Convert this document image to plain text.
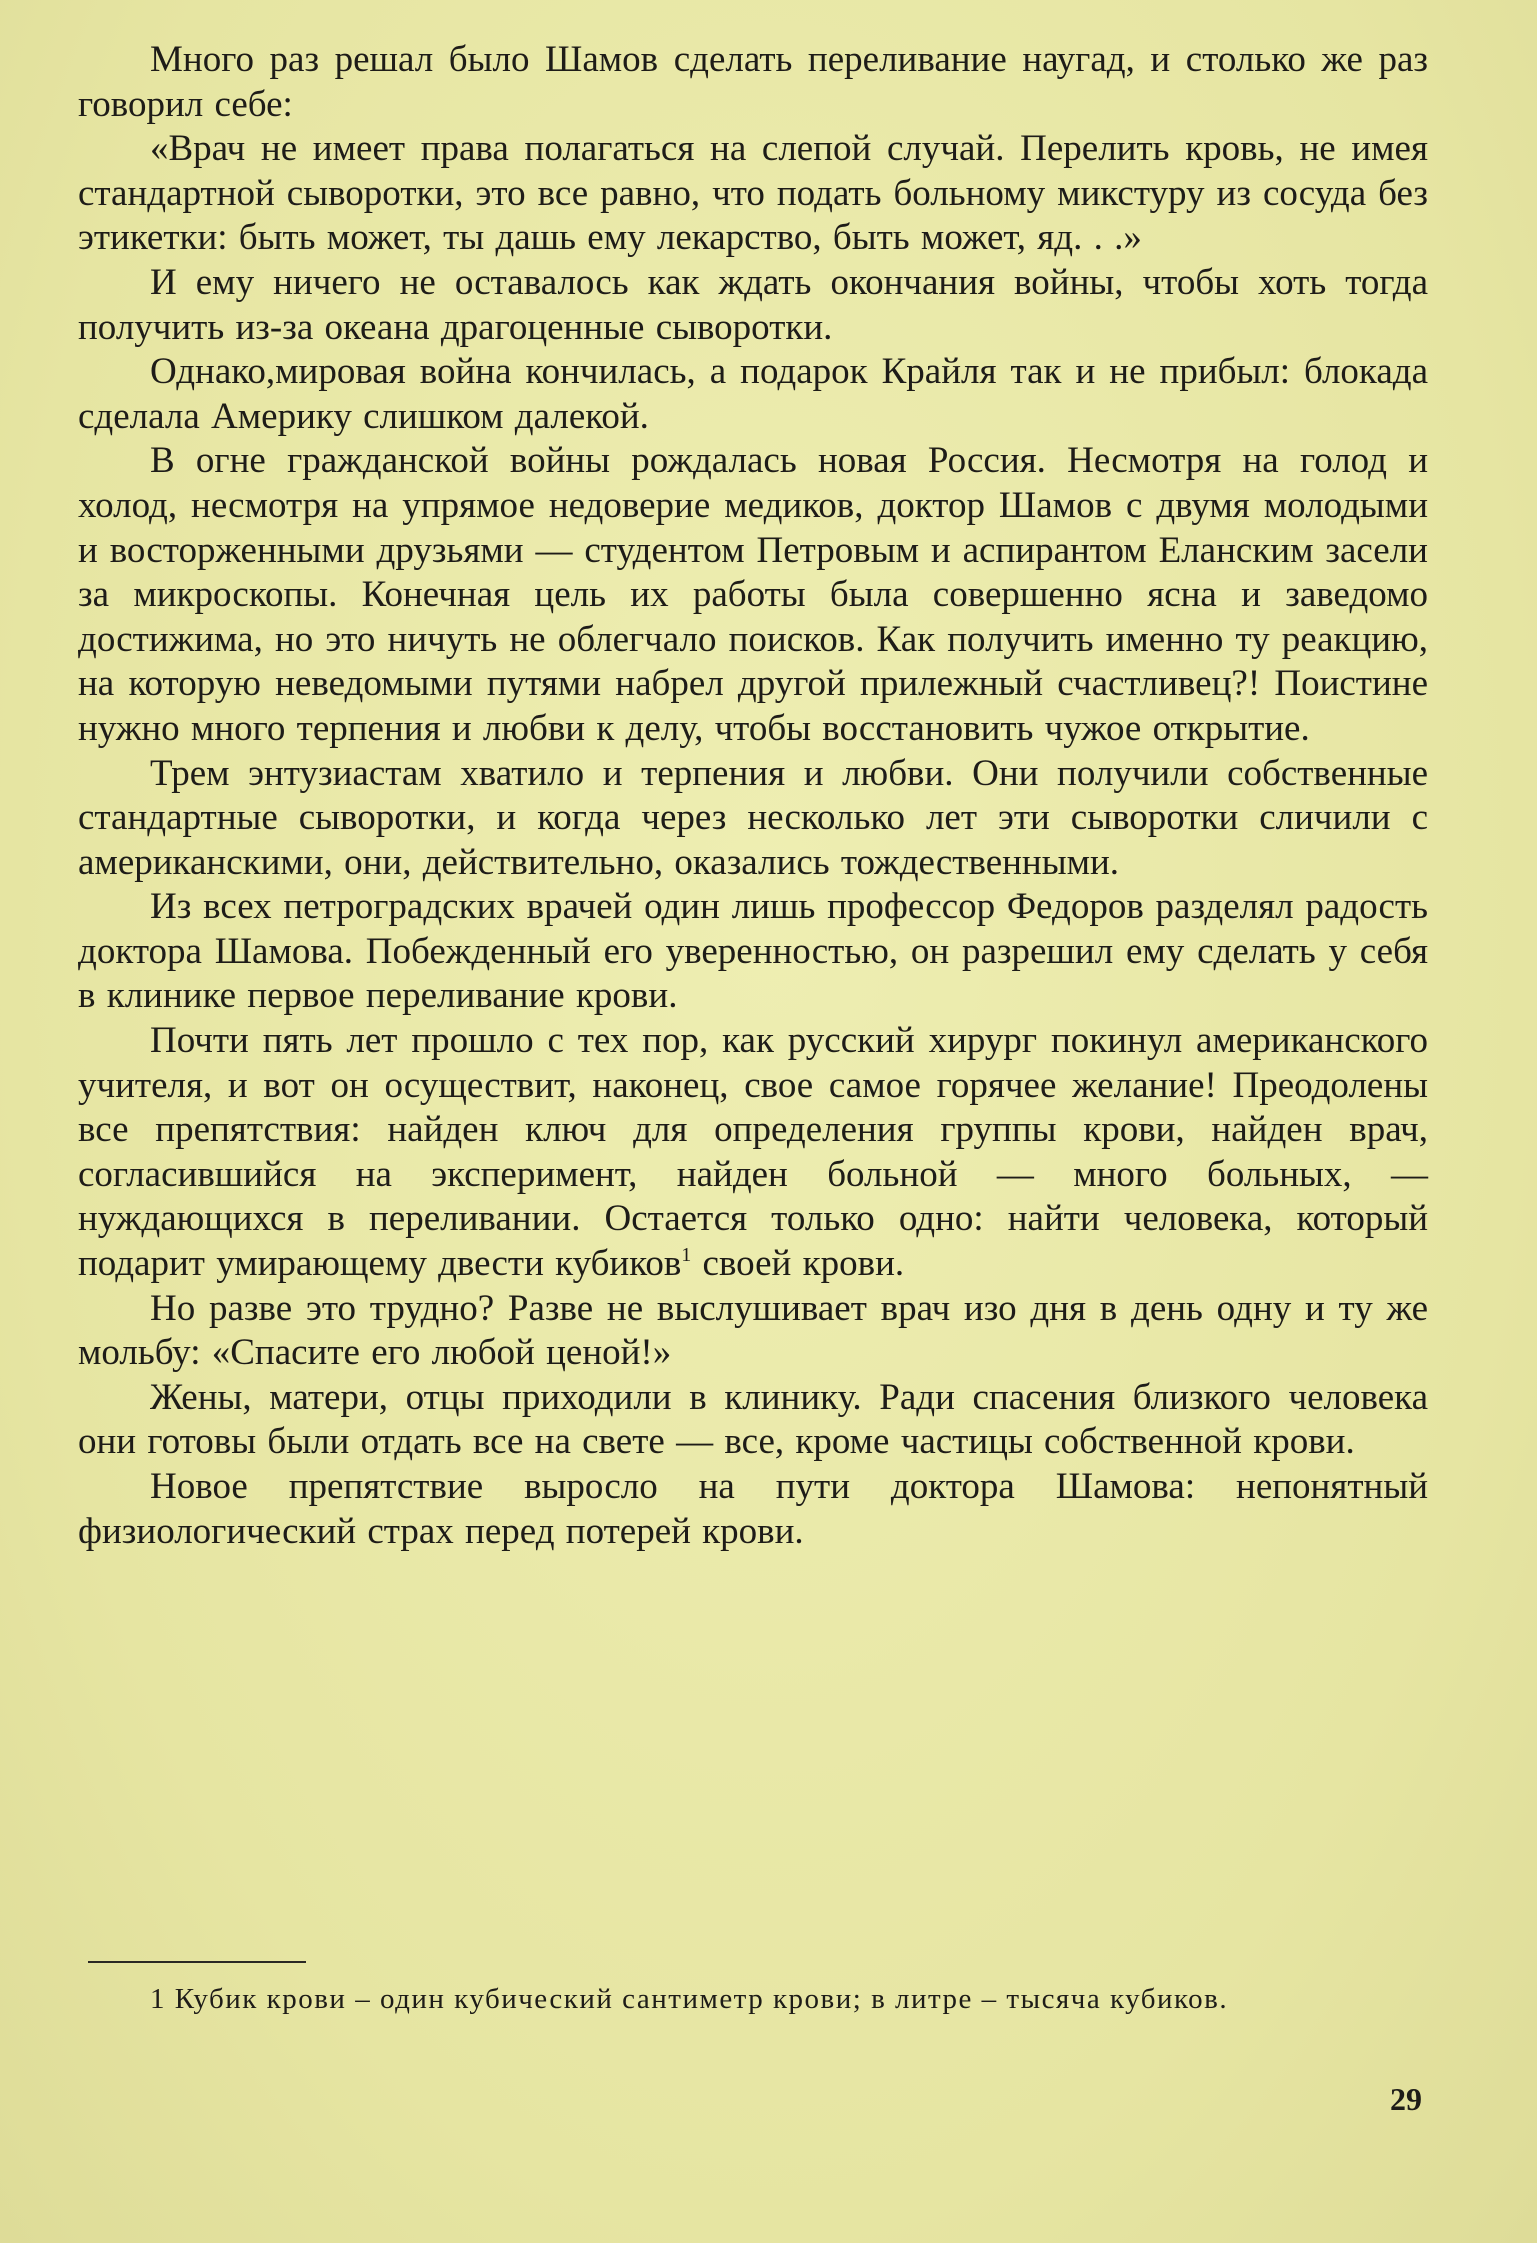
Много раз решал было Шамов сделать переливание наугад, и столько же раз говорил себе:

«Врач не имеет права полагаться на слепой случай. Перелить кровь, не имея стандартной сыворотки, это все равно, что подать больному микстуру из сосуда без этикетки: быть может, ты дашь ему лекарство, быть может, яд. . .»

И ему ничего не оставалось как ждать окончания войны, чтобы хоть тогда получить из-за океана драгоценные сыворотки.

Однако,мировая война кончилась, а подарок Крайля так и не прибыл: блокада сделала Америку слишком далекой.

В огне гражданской войны рождалась новая Россия. Несмотря на голод и холод, несмотря на упрямое недоверие медиков, доктор Шамов с двумя молодыми и восторженными друзьями — студентом Петровым и аспирантом Еланским засели за микроскопы. Конечная цель их работы была совершенно ясна и заведомо достижима, но это ничуть не облегчало поисков. Как получить именно ту реакцию, на которую неведомыми путями набрел другой прилежный счастливец?! Поистине нужно много терпения и любви к делу, чтобы восстановить чужое открытие.

Трем энтузиастам хватило и терпения и любви. Они получили собственные стандартные сыворотки, и когда через несколько лет эти сыворотки сличили с американскими, они, действительно, оказались тождественными.

Из всех петроградских врачей один лишь профессор Федоров разделял радость доктора Шамова. Побежденный его уверенностью, он разрешил ему сделать у себя в клинике первое переливание крови.

Почти пять лет прошло с тех пор, как русский хирург покинул американского учителя, и вот он осуществит, наконец, свое самое горячее желание! Преодолены все препятствия: найден ключ для определения группы крови, найден врач, согласившийся на эксперимент, найден больной — много больных, — нуждающихся в переливании. Остается только одно: найти человека, который подарит умирающему двести кубиков$^1$ своей крови.

Но разве это трудно? Разве не выслушивает врач изо дня в день одну и ту же мольбу: «Спасите его любой ценой!»

Жены, матери, отцы приходили в клинику. Ради спасения близкого человека они готовы были отдать все на свете — все, кроме частицы собственной крови.

Новое препятствие выросло на пути доктора Шамова: непонятный физиологический страх перед потерей крови.

1 Кубик крови – один кубический сантиметр крови; в литре – тысяча кубиков.

29
